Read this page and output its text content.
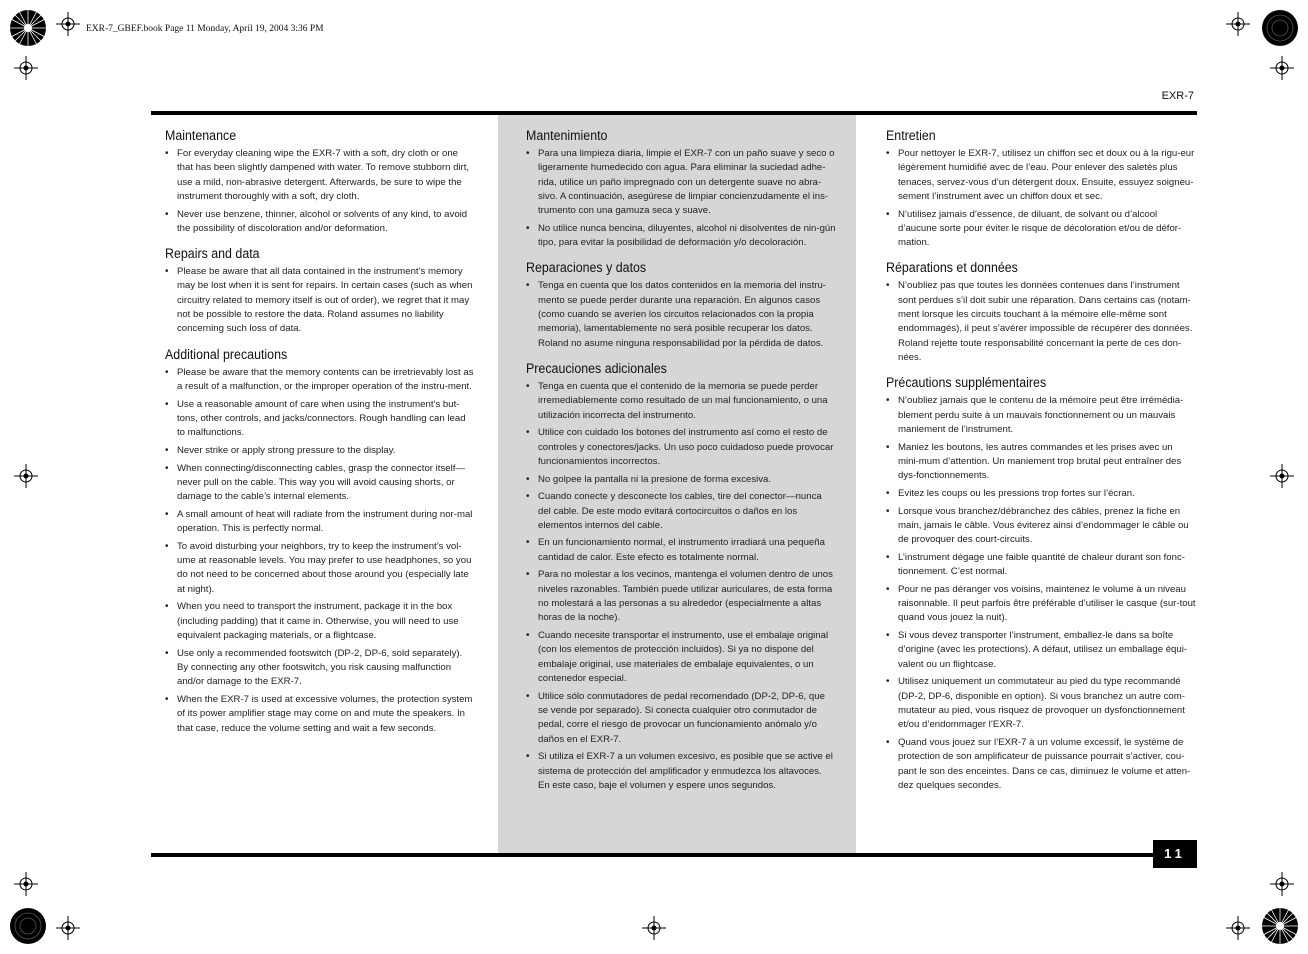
EXR-7_GBEF.book Page 11 Monday, April 19, 2004 3:36 PM
EXR-7
Maintenance
• For everyday cleaning wipe the EXR-7 with a soft, dry cloth or one that has been slightly dampened with water. To remove stubborn dirt, use a mild, non-abrasive detergent. Afterwards, be sure to wipe the instrument thoroughly with a soft, dry cloth.
• Never use benzene, thinner, alcohol or solvents of any kind, to avoid the possibility of discoloration and/or deformation.
Repairs and data
• Please be aware that all data contained in the instrument’s memory may be lost when it is sent for repairs. In certain cases (such as when circuitry related to memory itself is out of order), we regret that it may not be possible to restore the data. Roland assumes no liability concerning such loss of data.
Additional precautions
• Please be aware that the memory contents can be irretrievably lost as a result of a malfunction, or the improper operation of the instru-ment.
• Use a reasonable amount of care when using the instrument’s but-tons, other controls, and jacks/connectors. Rough handling can lead to malfunctions.
• Never strike or apply strong pressure to the display.
• When connecting/disconnecting cables, grasp the connector itself—never pull on the cable. This way you will avoid causing shorts, or damage to the cable’s internal elements.
• A small amount of heat will radiate from the instrument during nor-mal operation. This is perfectly normal.
• To avoid disturbing your neighbors, try to keep the instrument’s vol-ume at reasonable levels. You may prefer to use headphones, so you do not need to be concerned about those around you (especially late at night).
• When you need to transport the instrument, package it in the box (including padding) that it came in. Otherwise, you will need to use equivalent packaging materials, or a flightcase.
• Use only a recommended footswitch (DP-2, DP-6, sold separately). By connecting any other footswitch, you risk causing malfunction and/or damage to the EXR-7.
• When the EXR-7 is used at excessive volumes, the protection system of its power amplifier stage may come on and mute the speakers. In that case, reduce the volume setting and wait a few seconds.
Mantenimiento
• Para una limpieza diaria, limpie el EXR-7 con un paño suave y seco o ligeramente humedecido con agua. Para eliminar la suciedad adhe-rida, utilice un paño impregnado con un detergente suave no abra-sivo. A continuación, asegúrese de limpiar concienzudamente el ins-trumento con una gamuza seca y suave.
• No utilice nunca bencina, diluyentes, alcohol ni disolventes de nin-gún tipo, para evitar la posibilidad de deformación y/o decoloración.
Reparaciones y datos
• Tenga en cuenta que los datos contenidos en la memoria del instru-mento se puede perder durante una reparación. En algunos casos (como cuando se averíen los circuitos relacionados con la propia memoria), lamentablemente no será posible recuperar los datos. Roland no asume ninguna responsabilidad por la pérdida de datos.
Precauciones adicionales
• Tenga en cuenta que el contenido de la memoria se puede perder irremediablemente como resultado de un mal funcionamiento, o una utilización incorrecta del instrumento.
• Utilice con cuidado los botones del instrumento así como el resto de controles y conectores/jacks. Un uso poco cuidadoso puede provocar funcionamientos incorrectos.
• No golpee la pantalla ni la presione de forma excesiva.
• Cuando conecte y desconecte los cables, tire del conector—nunca del cable. De este modo evitará cortocircuitos o daños en los elementos internos del cable.
• En un funcionamiento normal, el instrumento irradiará una pequeña cantidad de calor. Este efecto es totalmente normal.
• Para no molestar a los vecinos, mantenga el volumen dentro de unos niveles razonables. También puede utilizar auriculares, de esta forma no molestará a las personas a su alrededor (especialmente a altas horas de la noche).
• Cuando necesite transportar el instrumento, use el embalaje original (con los elementos de protección incluidos). Si ya no dispone del embalaje original, use materiales de embalaje equivalentes, o un contenedor especial.
• Utilice sólo conmutadores de pedal recomendado (DP-2, DP-6, que se vende por separado). Si conecta cualquier otro conmutador de pedal, corre el riesgo de provocar un funcionamiento anómalo y/o daños en el EXR-7.
• Si utiliza el EXR-7 a un volumen excesivo, es posible que se active el sistema de protección del amplificador y enmudezca los altavoces. En este caso, baje el volumen y espere unos segundos.
Entretien
• Pour nettoyer le EXR-7, utilisez un chiffon sec et doux ou à la rigu-eur légèrement humidifié avec de l’eau. Pour enlever des saletés plus tenaces, servez-vous d’un détergent doux. Ensuite, essuyez soigneu-sement l’instrument avec un chiffon doux et sec.
• N’utilisez jamais d’essence, de diluant, de solvant ou d’alcool d’aucune sorte pour éviter le risque de décoloration et/ou de défor-mation.
Réparations et données
• N’oubliez pas que toutes les données contenues dans l’instrument sont perdues s’il doit subir une réparation. Dans certains cas (notam-ment lorsque les circuits touchant à la mémoire elle-même sont endommagés), il peut s’avérer impossible de récupérer des données. Roland rejette toute responsabilité concernant la perte de ces don-nées.
Précautions supplémentaires
• N’oubliez jamais que le contenu de la mémoire peut être irrémédia-blement perdu suite à un mauvais fonctionnement ou un mauvais maniement de l’instrument.
• Maniez les boutons, les autres commandes et les prises avec un mini-mum d’attention. Un maniement trop brutal peut entraîner des dys-fonctionnements.
• Evitez les coups ou les pressions trop fortes sur l’écran.
• Lorsque vous branchez/débranchez des câbles, prenez la fiche en main, jamais le câble. Vous éviterez ainsi d’endommager le câble ou de provoquer des court-circuits.
• L’instrument dégage une faible quantité de chaleur durant son fonc-tionnement. C’est normal.
• Pour ne pas déranger vos voisins, maintenez le volume à un niveau raisonnable. Il peut parfois être préférable d’utiliser le casque (sur-tout quand vous jouez la nuit).
• Si vous devez transporter l’instrument, emballez-le dans sa boîte d’origine (avec les protections). A défaut, utilisez un emballage équi-valent ou un flightcase.
• Utilisez uniquement un commutateur au pied du type recommandé (DP-2, DP-6, disponible en option). Si vous branchez un autre com-mutateur au pied, vous risquez de provoquer un dysfonctionnement et/ou d’endommager l’EXR-7.
• Quand vous jouez sur l’EXR-7 à un volume excessif, le système de protection de son amplificateur de puissance pourrait s’activer, cou-pant le son des enceintes. Dans ce cas, diminuez le volume et atten-dez quelques secondes.
11
